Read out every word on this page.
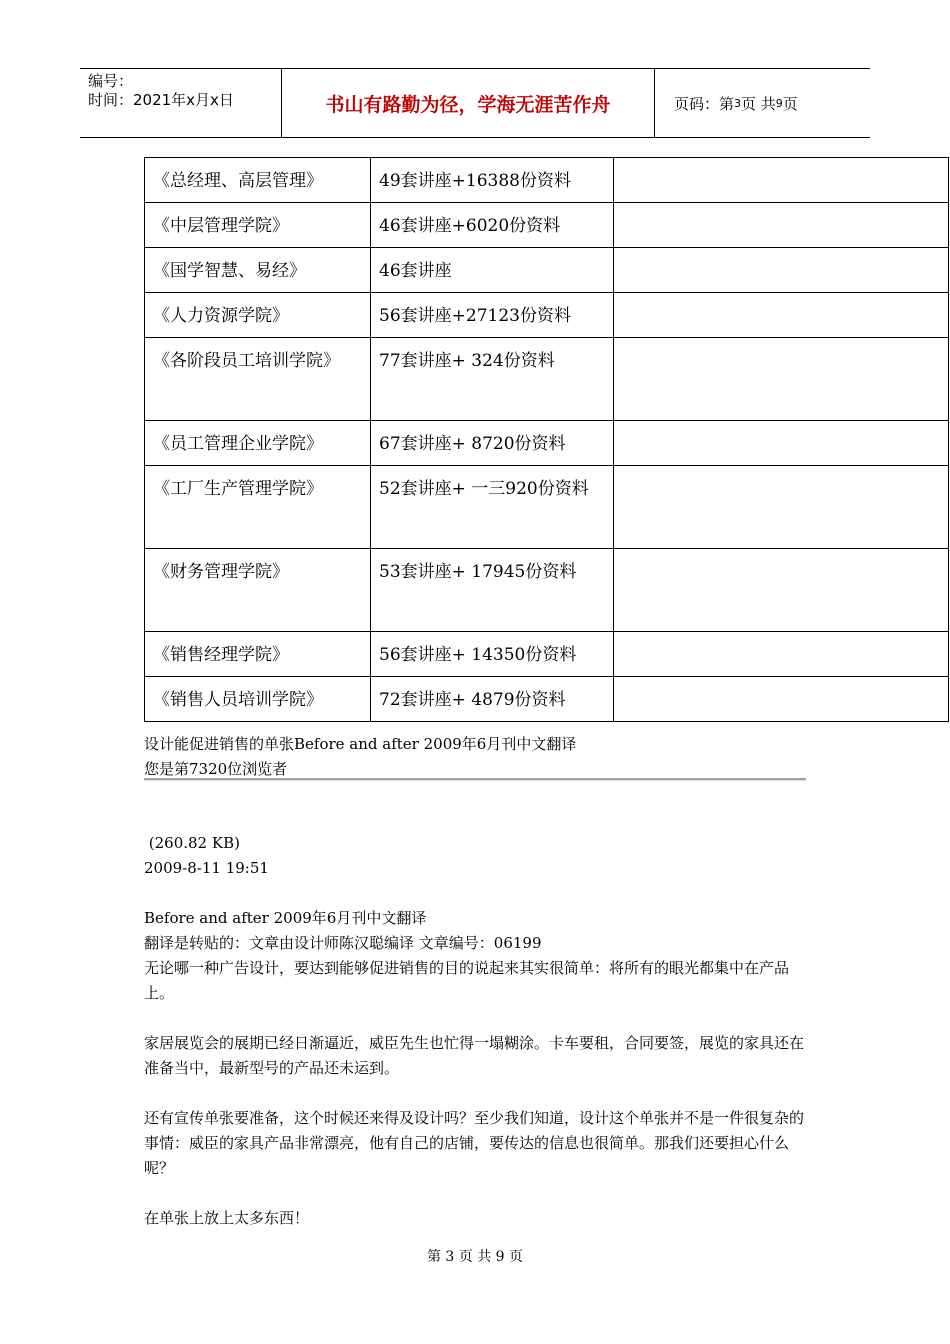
编号：
时间：2021年x月x日	书山有路勤为径，学海无涯苦作舟	页码：第 3 页 共 9 页
《总经理、高层管理》	49套讲座+16388份资料	
《中层管理学院》	46套讲座+6020份资料	
《国学智慧、易经》	46套讲座	
《人力资源学院》	56套讲座+27123份资料	
《各阶段员工培训学院》	77套讲座+ 324份资料	
《员工管理企业学院》	67套讲座+ 8720份资料	
《工厂生产管理学院》	52套讲座+ 一三920份资料	
《财务管理学院》	53套讲座+ 17945份资料	
《销售经理学院》	56套讲座+ 14350份资料	
《销售人员培训学院》	72套讲座+ 4879份资料	
设计能促进销售的单张Before and after 2009年6月刊中文翻译
您是第7320位浏览者
(260.82 KB)
2009-8-11 19:51
Before and after 2009年6月刊中文翻译
翻译是转贴的：文章由设计师陈汉聪编译 文章编号：06199
无论哪一种广告设计，要达到能够促进销售的目的说起来其实很简单：将所有的眼光都集中在产品上。
家居展览会的展期已经日渐逼近，威臣先生也忙得一塌糊涂。卡车要租，合同要签，展览的家具还在准备当中，最新型号的产品还未运到。
还有宣传单张要准备，这个时候还来得及设计吗？至少我们知道，设计这个单张并不是一件很复杂的事情：威臣的家具产品非常漂亮，他有自己的店铺，要传达的信息也很简单。那我们还要担心什么呢？
在单张上放上太多东西！
第 3 页 共 9 页
